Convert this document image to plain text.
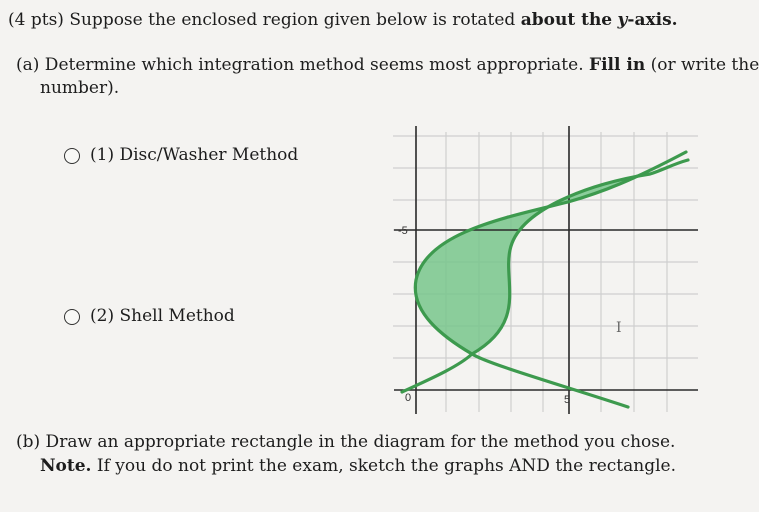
(4 pts) Suppose the enclosed region given below is rotated about the y-axis.
(a) Determine which integration method seems most appropriate. Fill in (or write the
number).
(1) Disc/Washer Method
(2) Shell Method
-5
0	5
I
(b) Draw an appropriate rectangle in the diagram for the method you chose.
Note. If you do not print the exam, sketch the graphs AND the rectangle.
